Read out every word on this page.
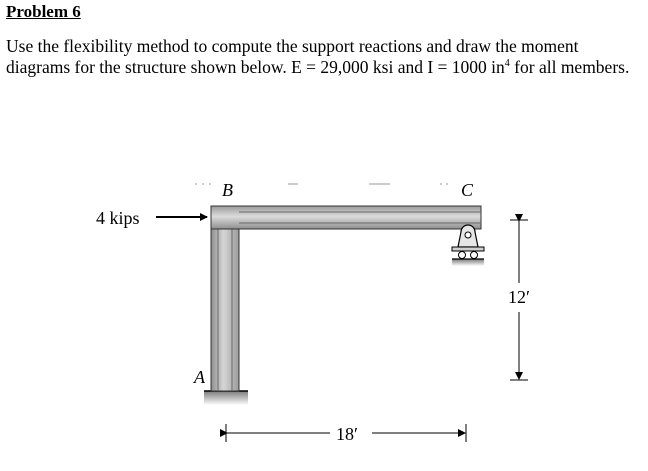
Problem 6

Use the flexibility method to compute the support reactions and draw the moment diagrams for the structure shown below. E = 29,000 ksi and I = 1000 $in^4$ for all members.

B	C
A
4 kips
12′
18′
